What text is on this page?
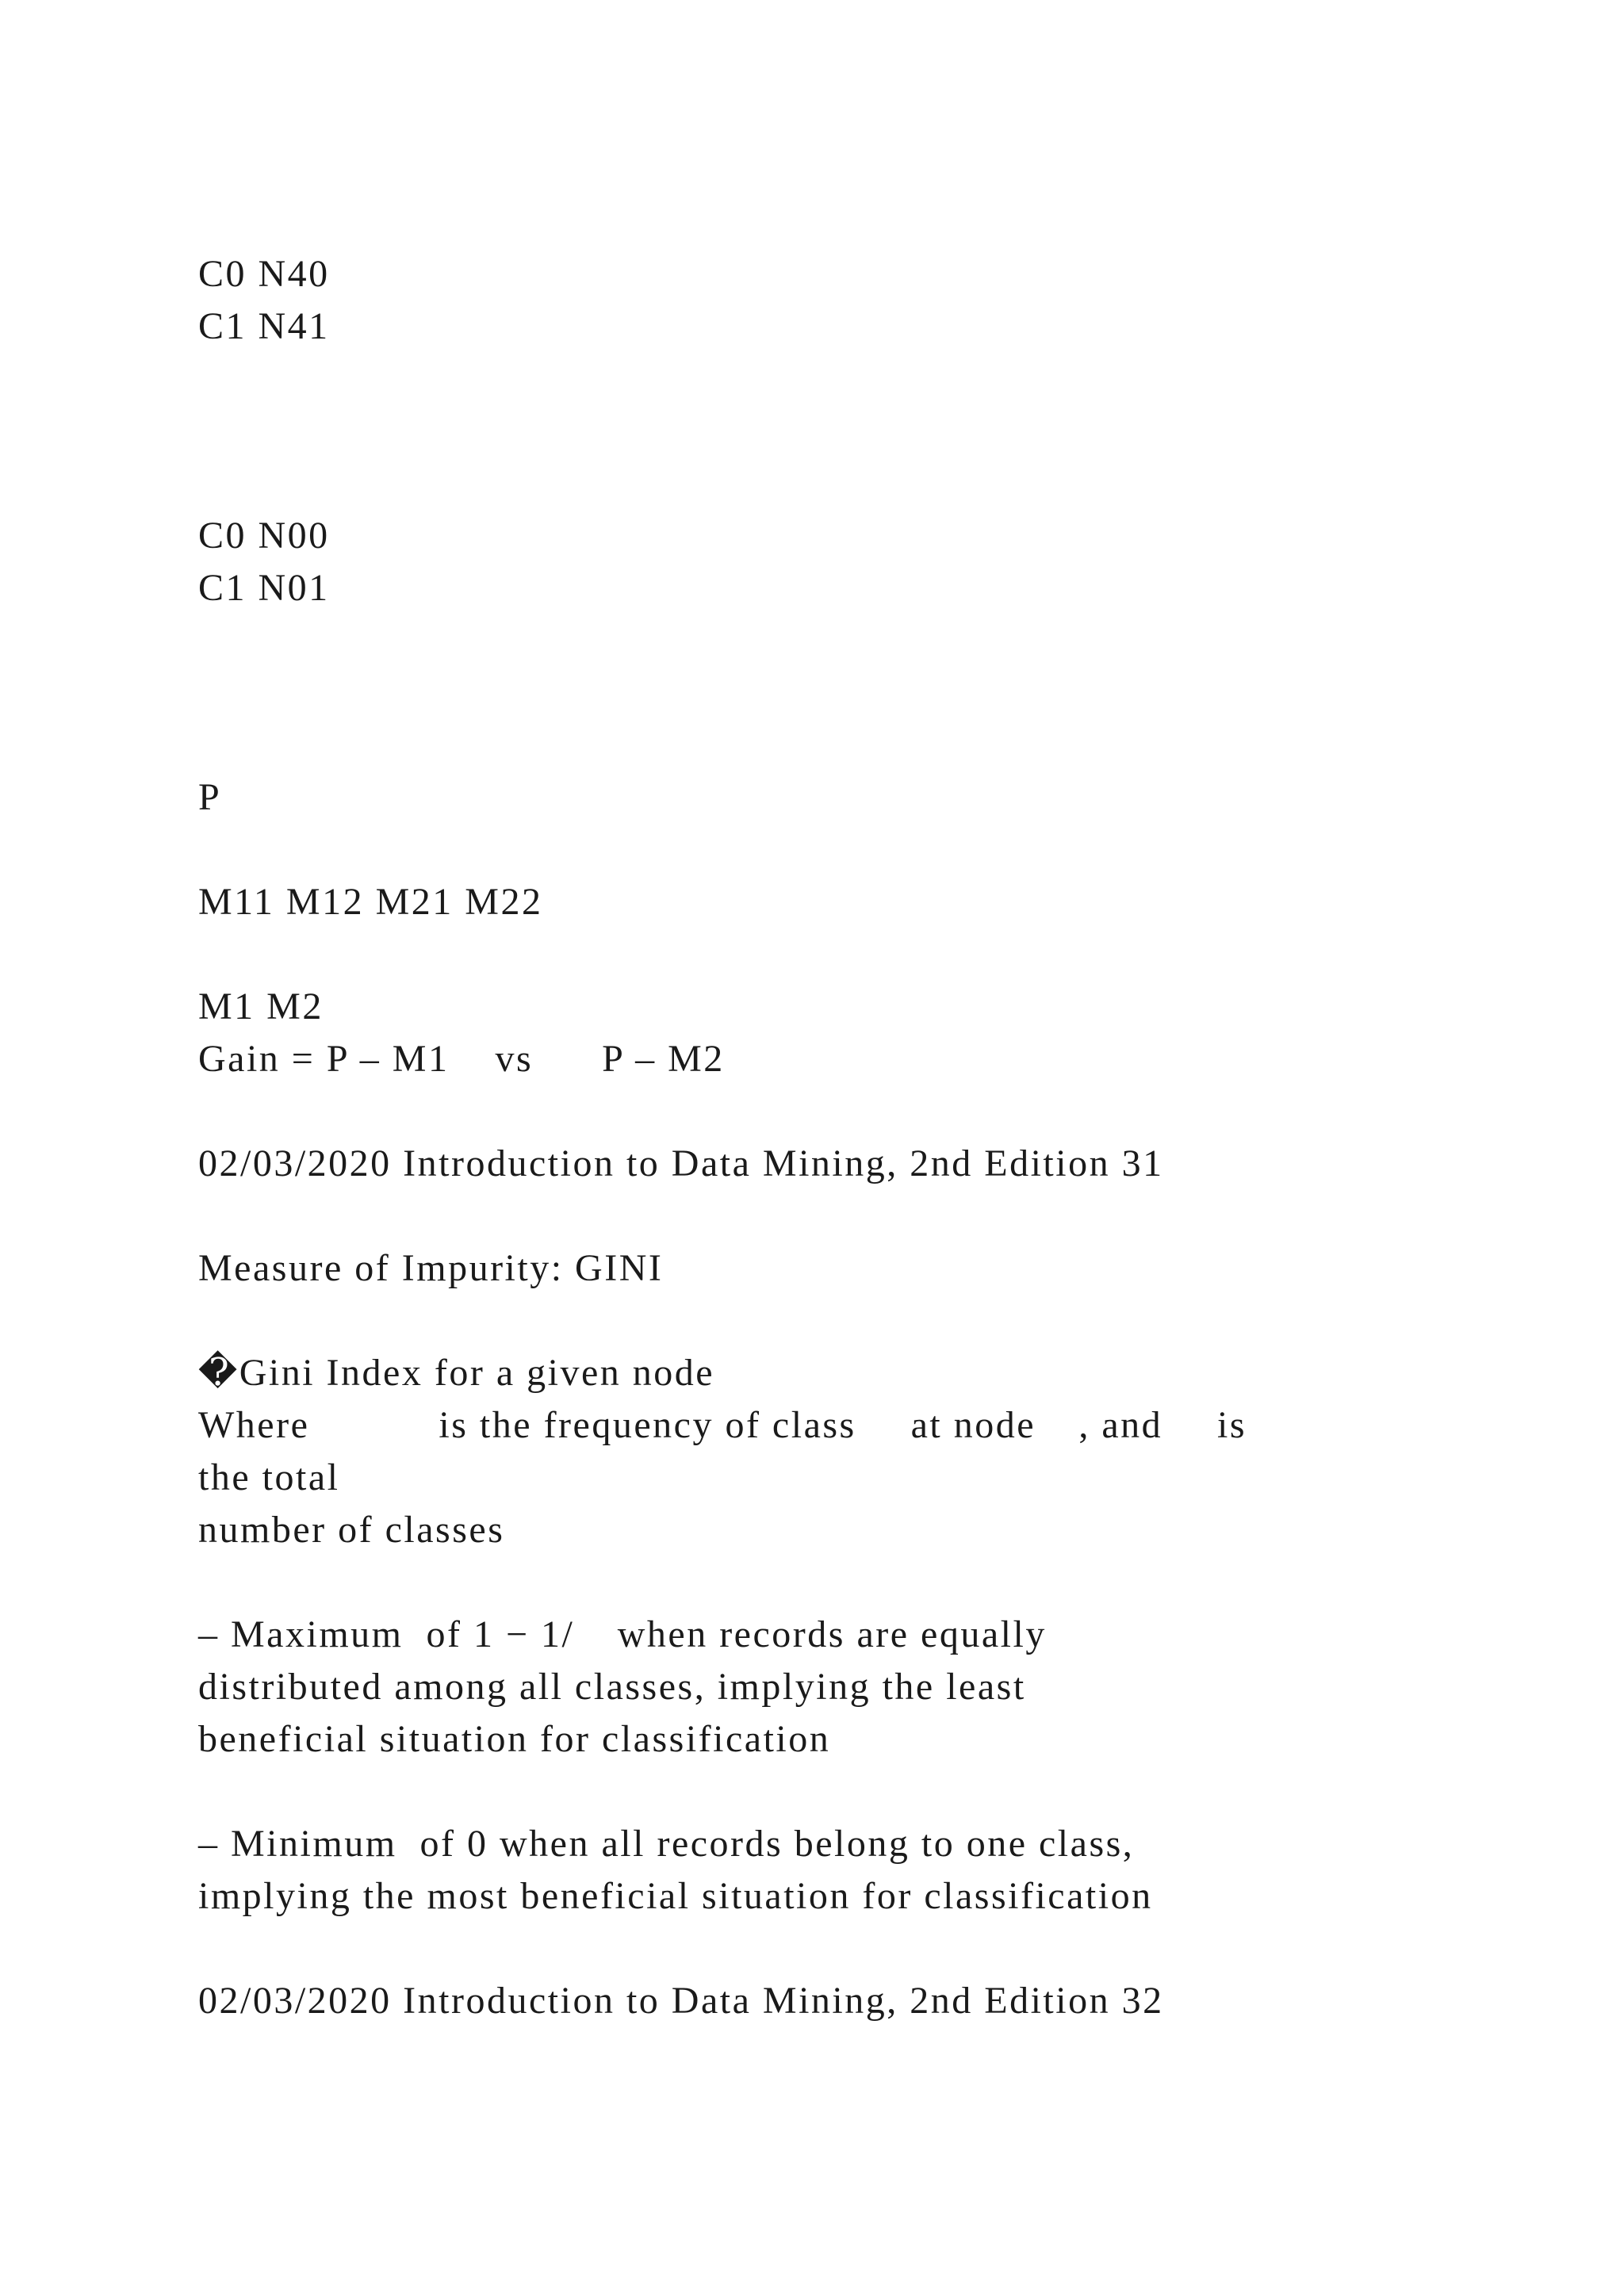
C0 N40
C1 N41
C0 N00
C1 N01
P
M11 M12 M21 M22
M1 M2
Gain = P – M1    vs      P – M2
02/03/2020 Introduction to Data Mining, 2nd Edition 31
Measure of Impurity: GINI
�Gini Index for a given node
Where      is the frequency of class   at node  , and   is
the total
number of classes
– Maximum  of 1 − 1/  when records are equally
distributed among all classes, implying the least
beneficial situation for classification
– Minimum  of 0 when all records belong to one class,
implying the most beneficial situation for classification
02/03/2020 Introduction to Data Mining, 2nd Edition 32
